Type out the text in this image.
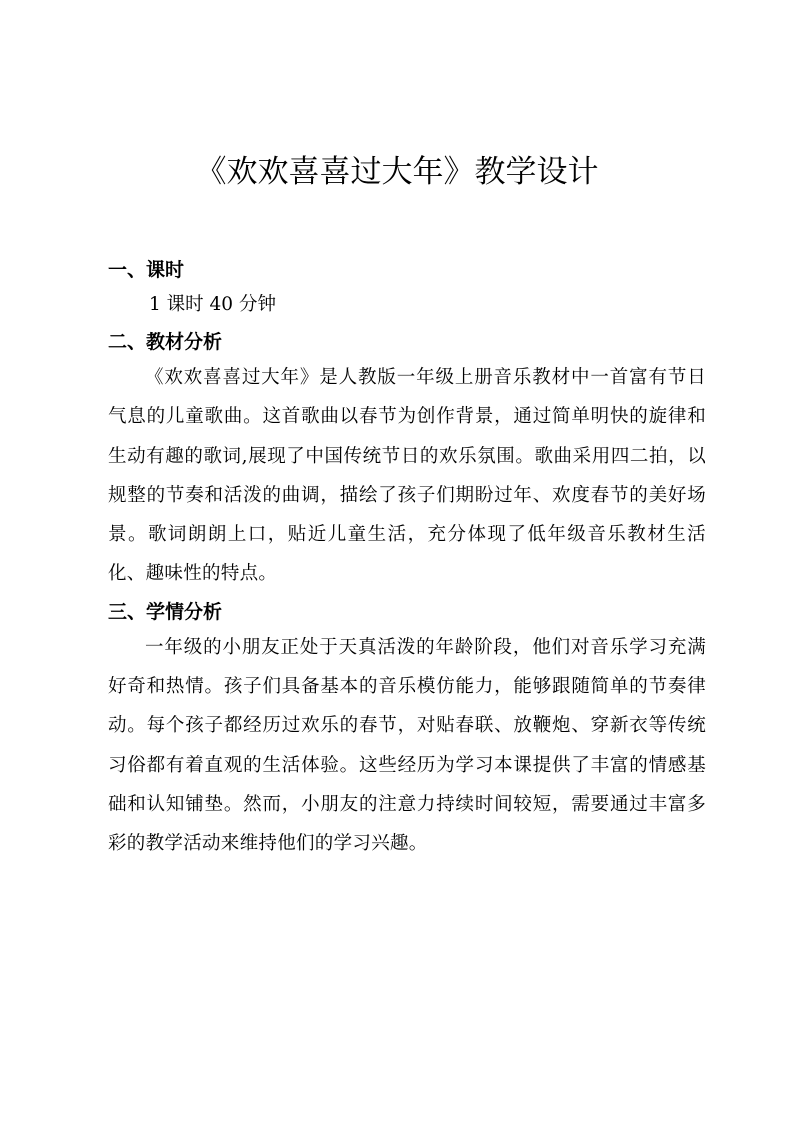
《欢欢喜喜过大年》教学设计
一、课时

1 课时 40 分钟

二、教材分析

《欢欢喜喜过大年》是人教版一年级上册音乐教材中一首富有节日气息的儿童歌曲。这首歌曲以春节为创作背景，通过简单明快的旋律和生动有趣的歌词,展现了中国传统节日的欢乐氛围。歌曲采用四二拍，以规整的节奏和活泼的曲调，描绘了孩子们期盼过年、欢度春节的美好场景。歌词朗朗上口，贴近儿童生活，充分体现了低年级音乐教材生活化、趣味性的特点。

三、学情分析

一年级的小朋友正处于天真活泼的年龄阶段，他们对音乐学习充满好奇和热情。孩子们具备基本的音乐模仿能力，能够跟随简单的节奏律动。每个孩子都经历过欢乐的春节，对贴春联、放鞭炮、穿新衣等传统习俗都有着直观的生活体验。这些经历为学习本课提供了丰富的情感基础和认知铺垫。然而，小朋友的注意力持续时间较短，需要通过丰富多彩的教学活动来维持他们的学习兴趣。
